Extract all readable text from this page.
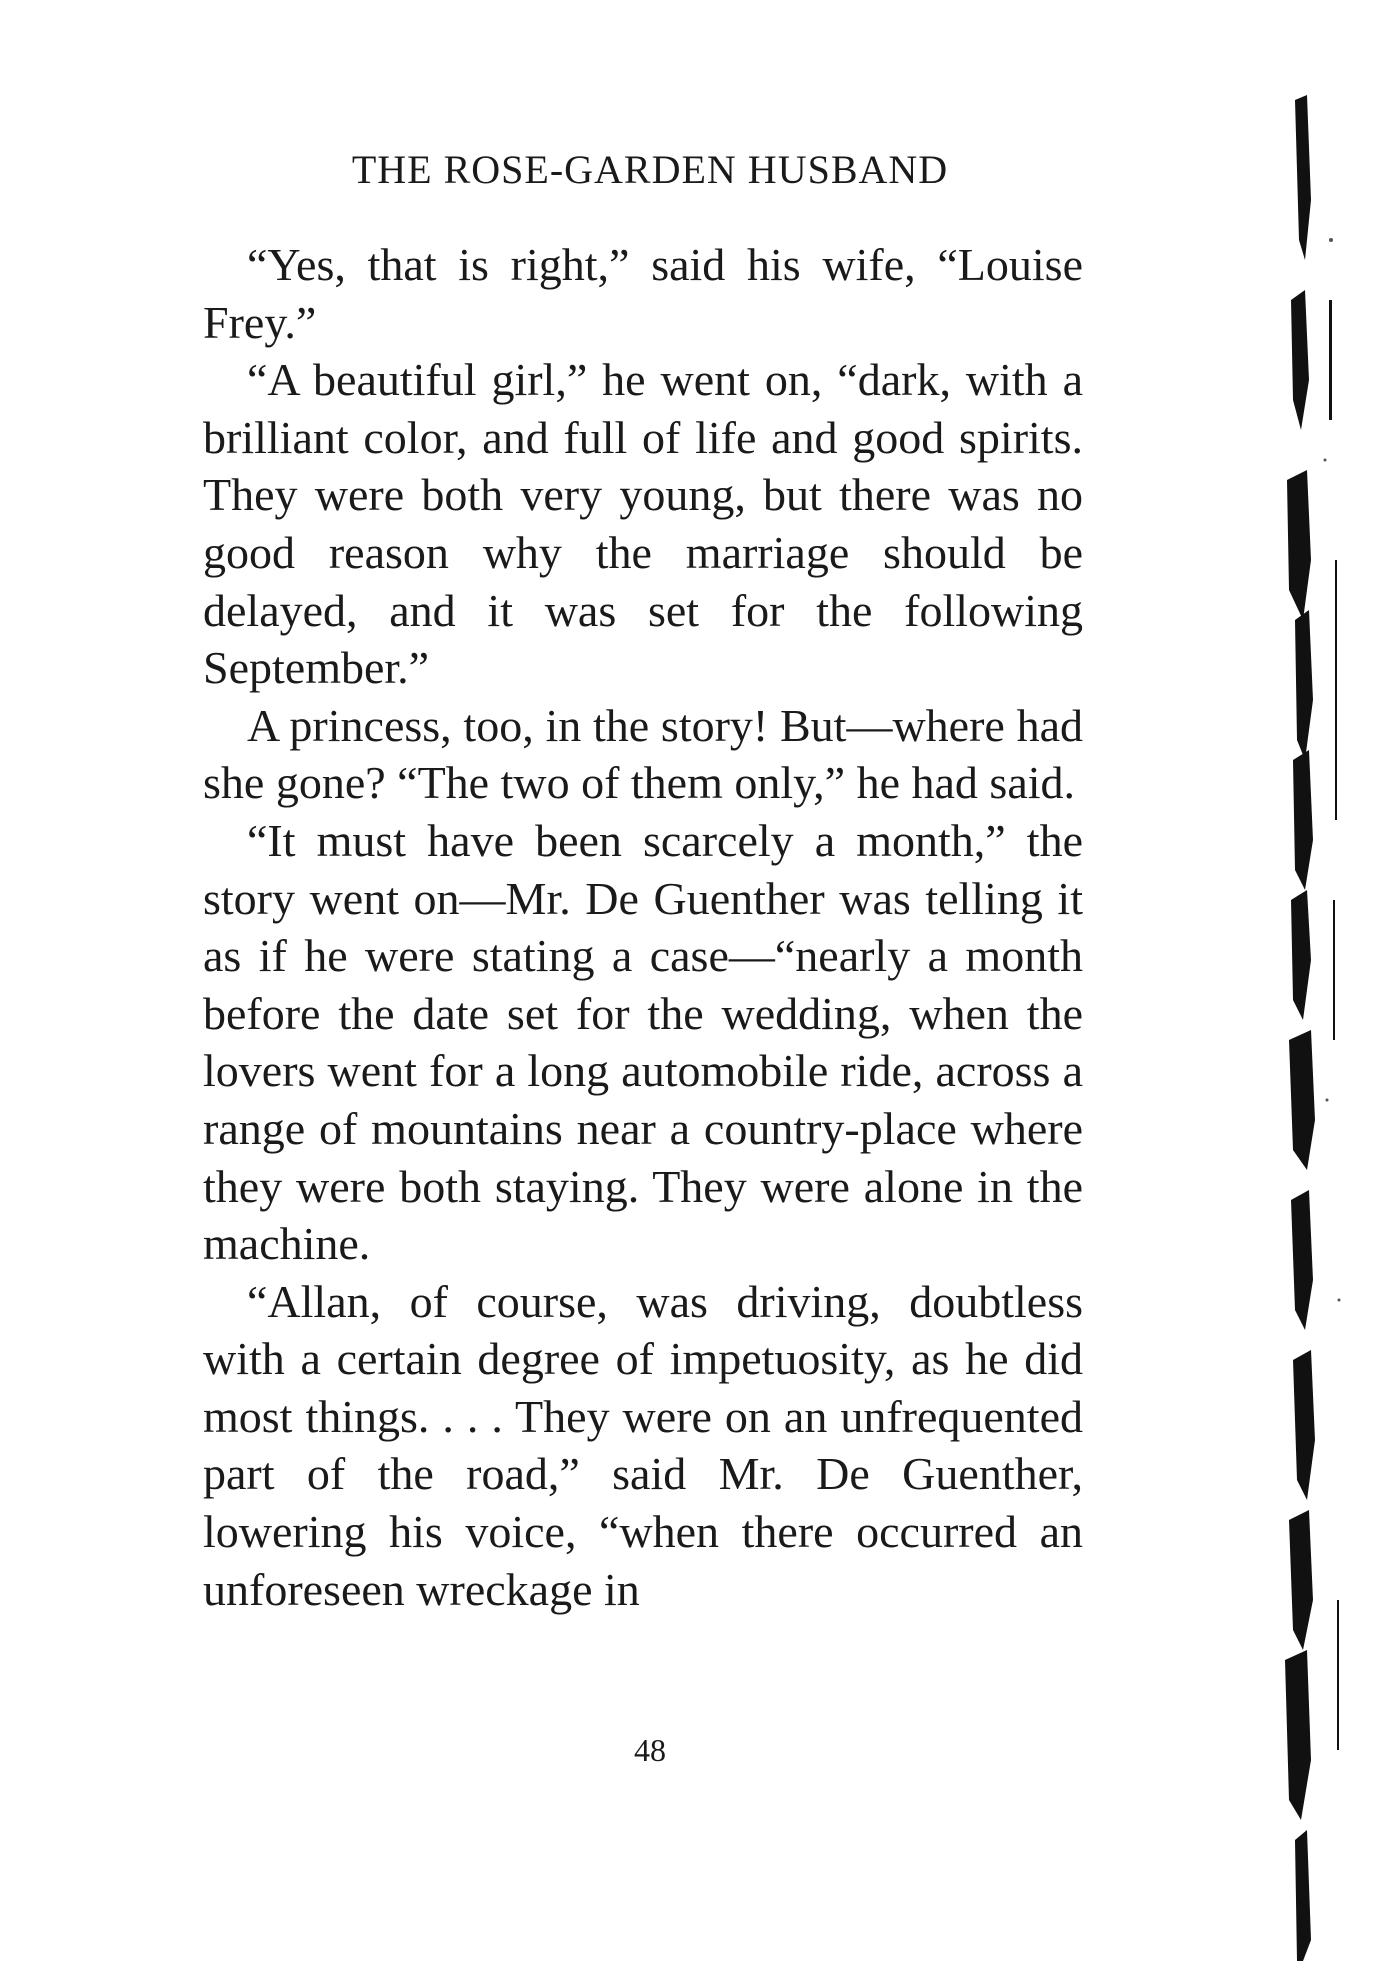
THE ROSE-GARDEN HUSBAND

“Yes, that is right,” said his wife, “Louise Frey.”

“A beautiful girl,” he went on, “dark, with a brilliant color, and full of life and good spirits. They were both very young, but there was no good reason why the marriage should be delayed, and it was set for the following September.”

A princess, too, in the story! But—where had she gone? “The two of them only,” he had said.

“It must have been scarcely a month,” the story went on—Mr. De Guenther was telling it as if he were stating a case—“nearly a month before the date set for the wedding, when the lovers went for a long automobile ride, across a range of mountains near a country-place where they were both staying. They were alone in the machine.

“Allan, of course, was driving, doubtless with a certain degree of impetuosity, as he did most things. . . . They were on an unfrequented part of the road,” said Mr. De Guenther, lowering his voice, “when there occurred an unforeseen wreckage in

48
